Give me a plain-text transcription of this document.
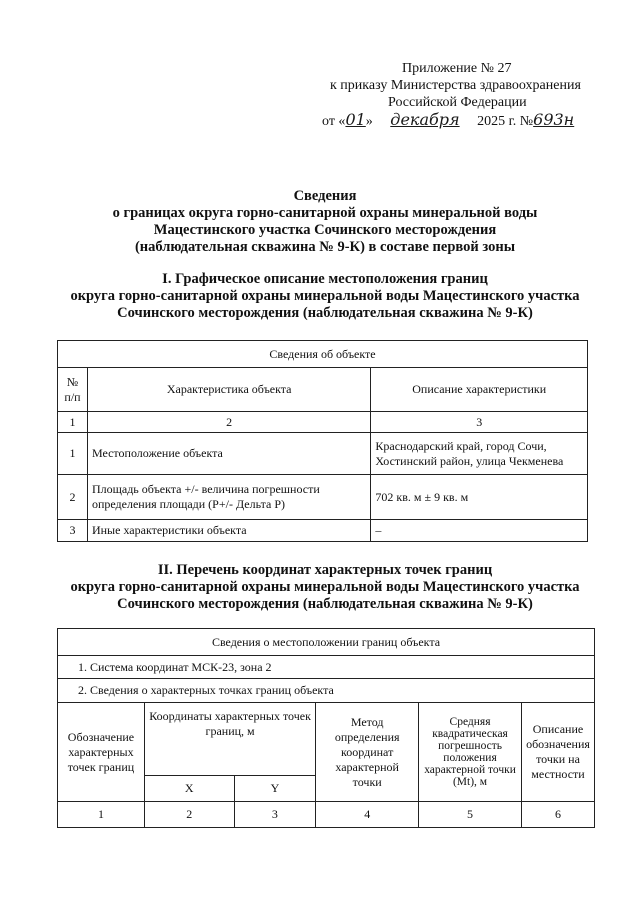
Приложение № 27
к приказу Министерства здравоохранения
Российской Федерации
от «01» декабря 2025 г. №693н
Сведения
о границах округа горно-санитарной охраны минеральной воды
Мацестинского участка Сочинского месторождения
(наблюдательная скважина № 9-К) в составе первой зоны
I. Графическое описание местоположения границ
округа горно-санитарной охраны минеральной воды Мацестинского участка
Сочинского месторождения (наблюдательная скважина № 9-К)
Сведения об объекте		
№ п/п	Характеристика объекта	Описание характеристики
1	2	3
1	Местоположение объекта	Краснодарский край, город Сочи, Хостинский район, улица Чекменева
2	Площадь объекта +/- величина погрешности определения площади (Р+/- Дельта Р)	702 кв. м ± 9 кв. м
3	Иные характеристики объекта	–
II. Перечень координат характерных точек границ
округа горно-санитарной охраны минеральной воды Мацестинского участка
Сочинского месторождения (наблюдательная скважина № 9-К)
Сведения о местоположении границ объекта					
1. Система координат МСК-23, зона 2					
2. Сведения о характерных точках границ объекта					
Обозначение характерных точек границ	Координаты характерных точек границ, м		Метод определения координат характерной точки	Средняя квадратическая погрешность положения характерной точки (Mt), м	Описание обозначения точки на местности
	X	Y			
1	2	3	4	5	6
